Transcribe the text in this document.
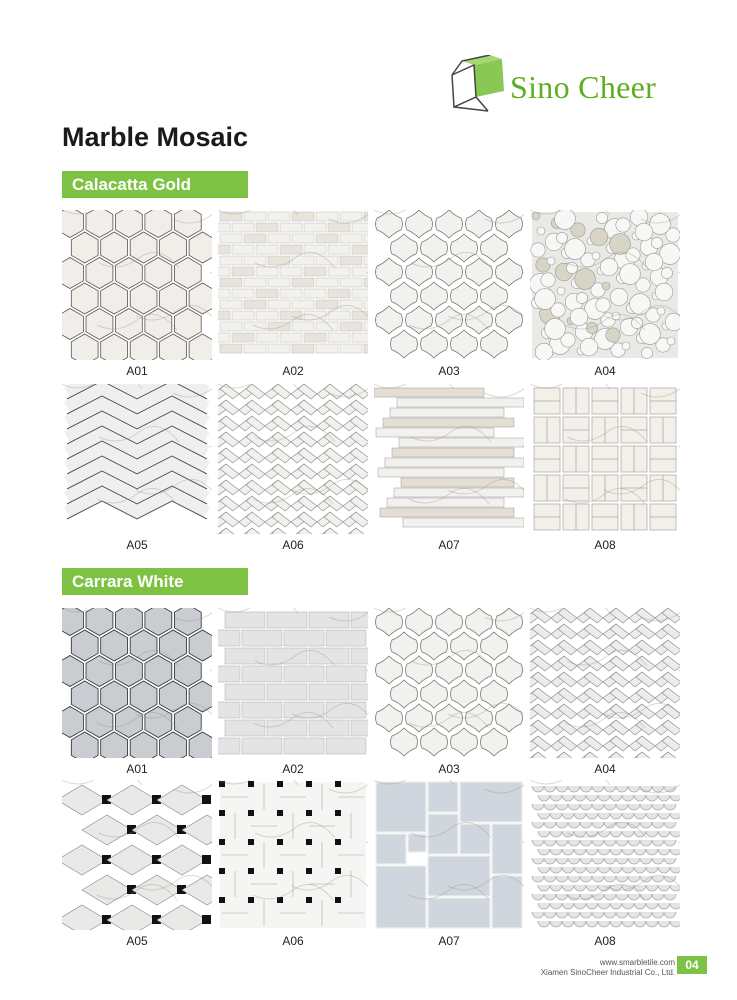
Sino Cheer
Marble Mosaic
Calacatta Gold
Carrara White
A01	A02	A03	A04
A05	A06	A07	A08
A01	A02	A03	A04
A05	A06	A07	A08
www.smarbletile.com
Xiamen SinoCheer Industrial Co., Ltd.
04
